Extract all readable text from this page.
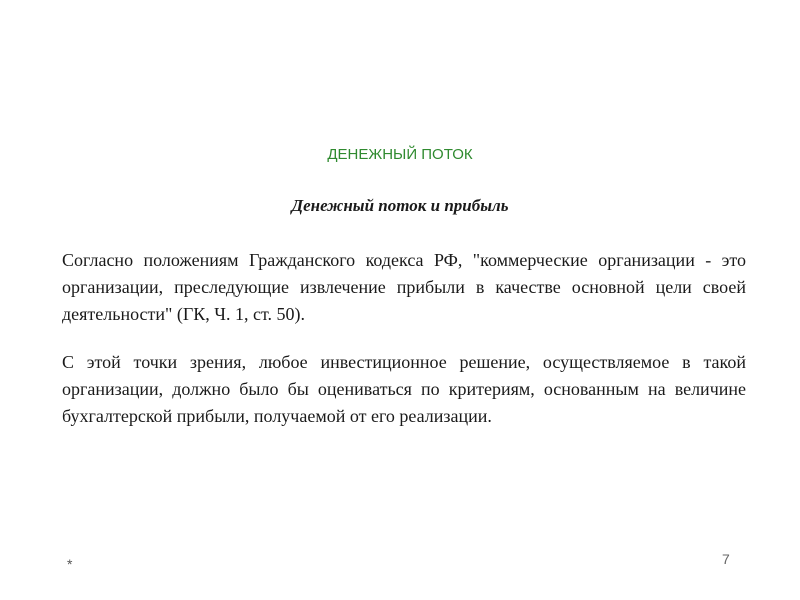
ДЕНЕЖНЫЙ ПОТОК
Денежный поток и прибыль

Согласно положениям Гражданского кодекса РФ, "коммерческие организации - это организации, преследующие извлечение прибыли в качестве основной цели своей деятельности" (ГК, Ч. 1, ст. 50).

С этой точки зрения, любое инвестиционное решение, осуществляемое в такой организации, должно было бы оцениваться по критериям, основанным на величине бухгалтерской прибыли, получаемой от его реализации.

*	7
